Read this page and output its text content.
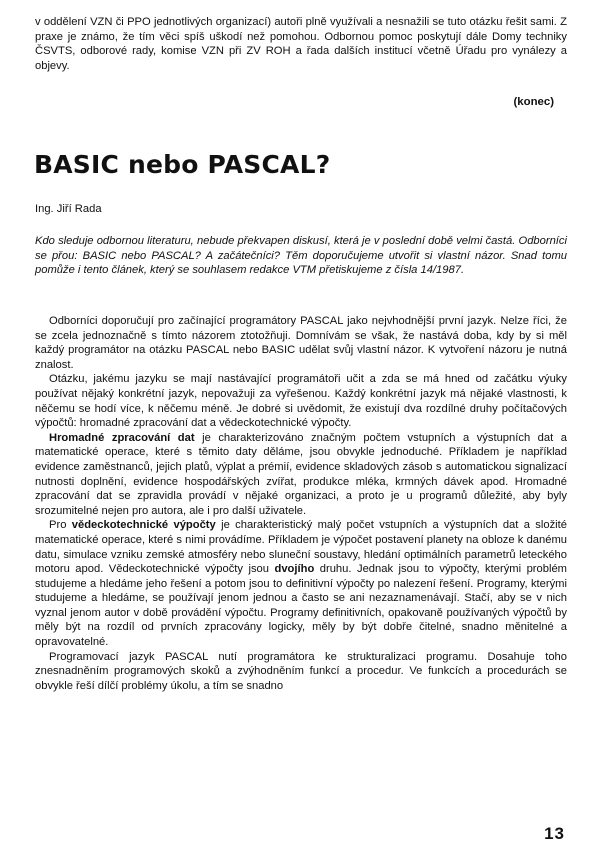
v oddělení VZN či PPO jednotlivých organizací) autoři plně využívali a nesnažili se tuto otázku řešit sami. Z praxe je známo, že tím věci spíš uškodí než pomohou. Odbornou pomoc poskytují dále Domy techniky ČSVTS, odborové rady, komise VZN při ZV ROH a řada dalších institucí včetně Úřadu pro vynálezy a objevy.
(konec)
BASIC nebo PASCAL?
Ing. Jiří Rada
Kdo sleduje odbornou literaturu, nebude překvapen diskusí, která je v poslední době velmi častá. Odborníci se přou: BASIC nebo PASCAL? A začátečníci? Těm doporučujeme utvořit si vlastní názor. Snad tomu pomůže i tento článek, který se souhlasem redakce VTM přetiskujeme z čísla 14/1987.

Odborníci doporučují pro začínající programátory PASCAL jako nejvhodnější první jazyk. Nelze říci, že se zcela jednoznačně s tímto názorem ztotožňuji. Domnívám se však, že nastává doba, kdy by si měl každý programátor na otázku PASCAL nebo BASIC udělat svůj vlastní názor. K vytvoření názoru je nutná znalost.

Otázku, jakému jazyku se mají nastávající programátoři učit a zda se má hned od začátku výuky používat nějaký konkrétní jazyk, nepovažuji za vyřešenou. Každý konkrétní jazyk má nějaké vlastnosti, k něčemu se hodí více, k něčemu méně. Je dobré si uvědomit, že existují dva rozdílné druhy počítačových výpočtů: hromadné zpracování dat a vědeckotechnické výpočty.

Hromadné zpracování dat je charakterizováno značným počtem vstupních a výstupních dat a matematické operace, které s těmito daty děláme, jsou obvykle jednoduché. Příkladem je například evidence zaměstnanců, jejich platů, výplat a prémií, evidence skladových zásob s automatickou signalizací nutnosti doplnění, evidence hospodářských zvířat, produkce mléka, krmných dávek apod. Hromadné zpracování dat se zpravidla provádí v nějaké organizaci, a proto je u programů důležité, aby byly srozumitelné nejen pro autora, ale i pro další uživatele.

Pro vědeckotechnické výpočty je charakteristický malý počet vstupních a výstupních dat a složité matematické operace, které s nimi provádíme. Příkladem je výpočet postavení planety na obloze k danému datu, simulace vzniku zemské atmosféry nebo sluneční soustavy, hledání optimálních parametrů leteckého motoru apod. Vědeckotechnické výpočty jsou dvojího druhu. Jednak jsou to výpočty, kterými problém studujeme a hledáme jeho řešení a potom jsou to definitivní výpočty po nalezení řešení. Programy, kterými studujeme a hledáme, se používají jenom jednou a často se ani nezaznamenávají. Stačí, aby se v nich vyznal jenom autor v době provádění výpočtu. Programy definitivních, opakovaně používaných výpočtů by měly být na rozdíl od prvních zpracovány logicky, měly by být dobře čitelné, snadno měnitelné a opravovatelné.

Programovací jazyk PASCAL nutí programátora ke strukturalizaci programu. Dosahuje toho znesnadněním programových skoků a zvýhodněním funkcí a procedur. Ve funkcích a procedurách se obvykle řeší dílčí problémy úkolu, a tím se snadno

13
